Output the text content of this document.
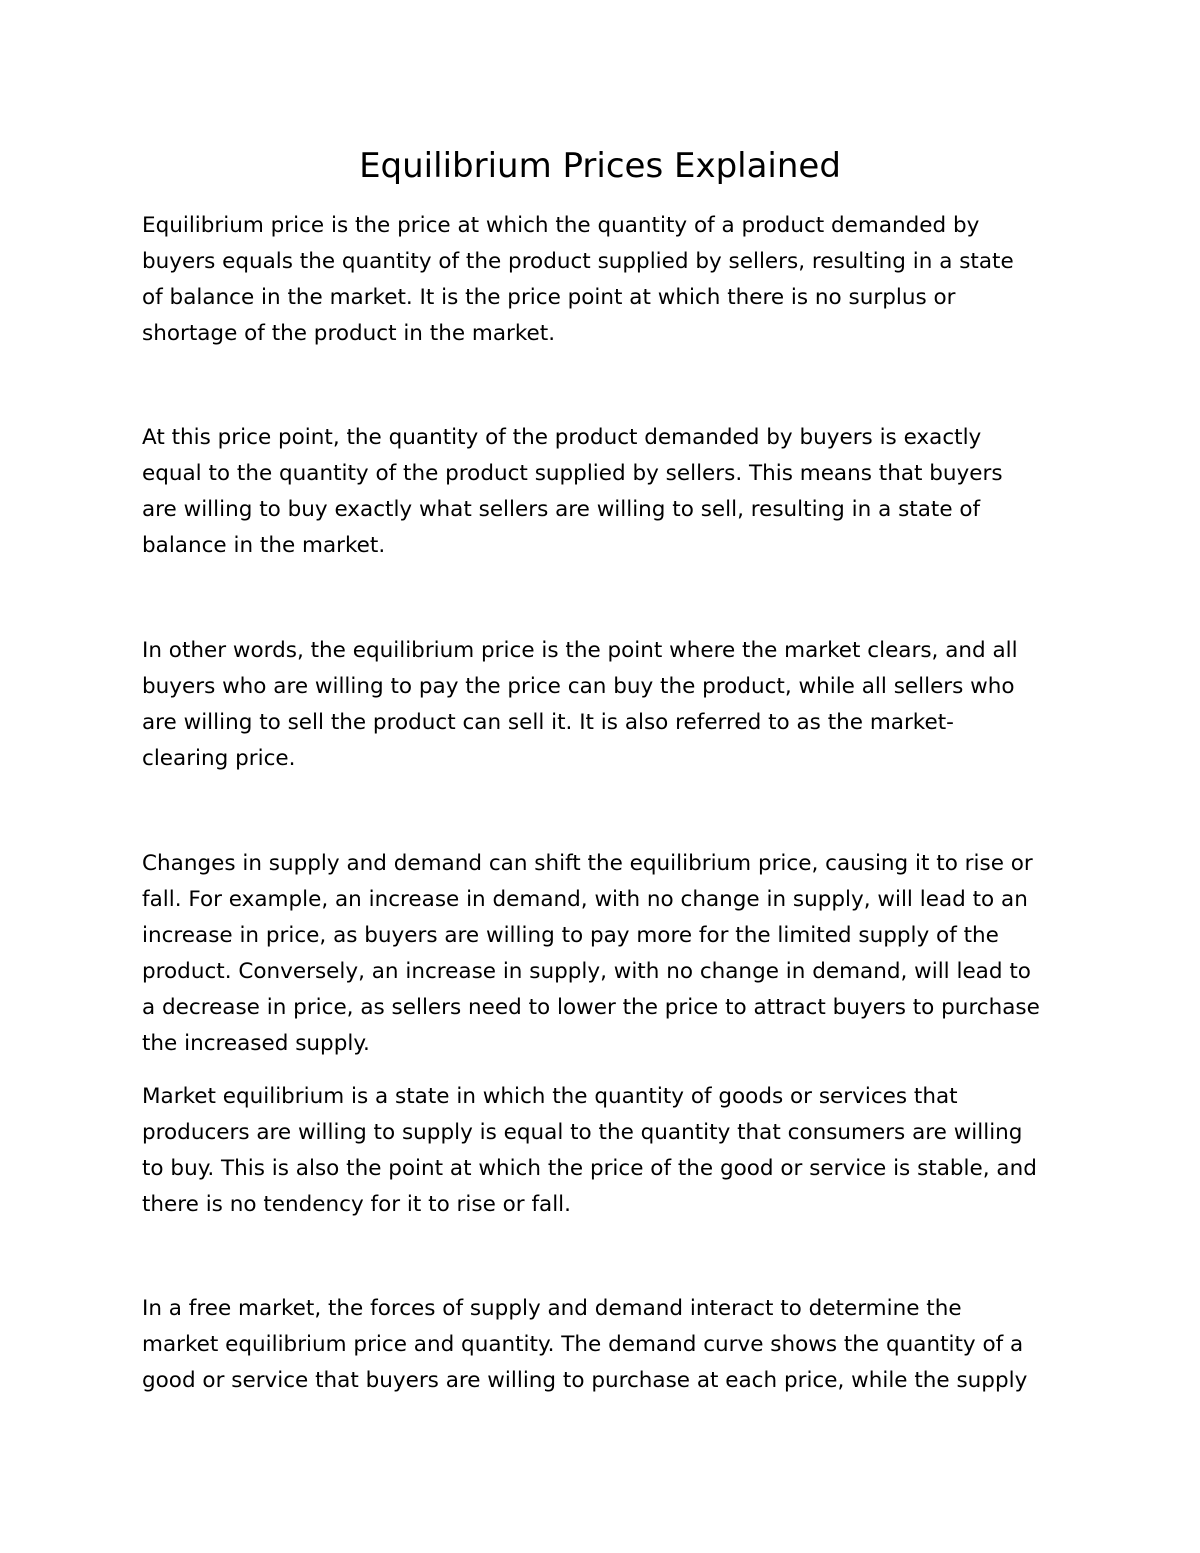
Equilibrium Prices Explained

Equilibrium price is the price at which the quantity of a product demanded by
buyers equals the quantity of the product supplied by sellers, resulting in a state
of balance in the market. It is the price point at which there is no surplus or
shortage of the product in the market.

At this price point, the quantity of the product demanded by buyers is exactly
equal to the quantity of the product supplied by sellers. This means that buyers
are willing to buy exactly what sellers are willing to sell, resulting in a state of
balance in the market.

In other words, the equilibrium price is the point where the market clears, and all
buyers who are willing to pay the price can buy the product, while all sellers who
are willing to sell the product can sell it. It is also referred to as the market-
clearing price.

Changes in supply and demand can shift the equilibrium price, causing it to rise or
fall. For example, an increase in demand, with no change in supply, will lead to an
increase in price, as buyers are willing to pay more for the limited supply of the
product. Conversely, an increase in supply, with no change in demand, will lead to
a decrease in price, as sellers need to lower the price to attract buyers to purchase
the increased supply.

Market equilibrium is a state in which the quantity of goods or services that
producers are willing to supply is equal to the quantity that consumers are willing
to buy. This is also the point at which the price of the good or service is stable, and
there is no tendency for it to rise or fall.

In a free market, the forces of supply and demand interact to determine the
market equilibrium price and quantity. The demand curve shows the quantity of a
good or service that buyers are willing to purchase at each price, while the supply
